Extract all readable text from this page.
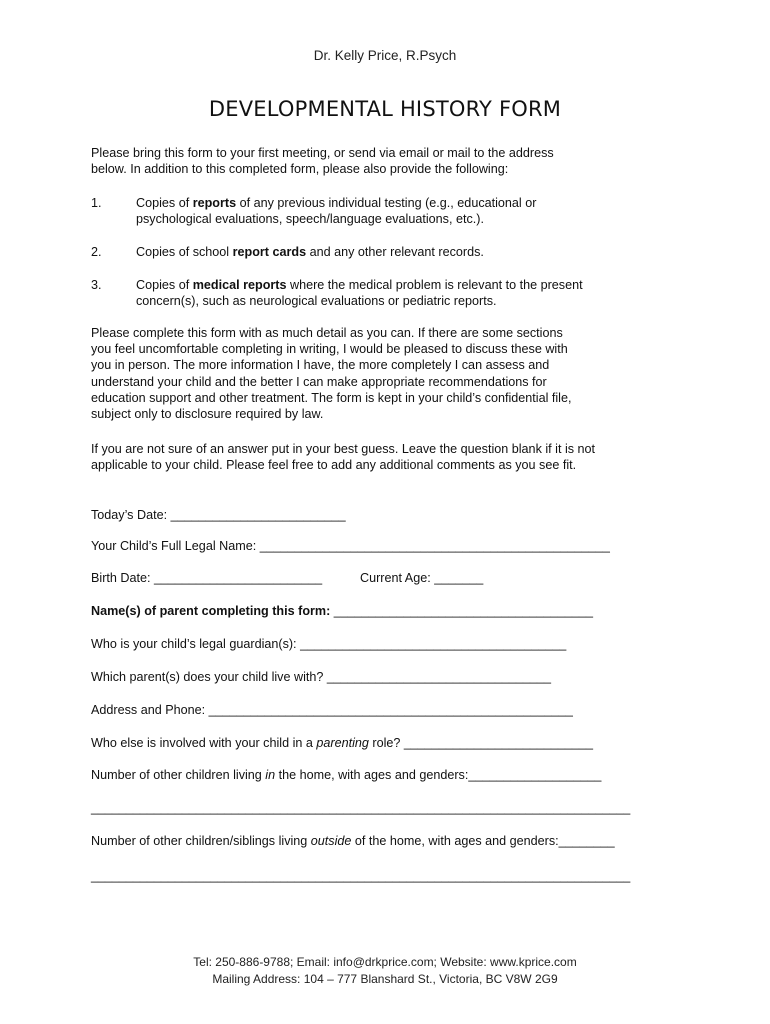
Dr. Kelly Price, R.Psych
DEVELOPMENTAL HISTORY FORM
Please bring this form to your first meeting, or send via email or mail to the address
below. In addition to this completed form, please also provide the following:
1.	Copies of reports of any previous individual testing (e.g., educational or
psychological evaluations, speech/language evaluations, etc.).
2.	Copies of school report cards and any other relevant records.
3.	Copies of medical reports where the medical problem is relevant to the present
concern(s), such as neurological evaluations or pediatric reports.
Please complete this form with as much detail as you can. If there are some sections
you feel uncomfortable completing in writing, I would be pleased to discuss these with
you in person. The more information I have, the more completely I can assess and
understand your child and the better I can make appropriate recommendations for
education support and other treatment. The form is kept in your child’s confidential file,
subject only to disclosure required by law.
If you are not sure of an answer put in your best guess. Leave the question blank if it is not
applicable to your child. Please feel free to add any additional comments as you see fit.
Today’s Date: _________________________
Your Child’s Full Legal Name: __________________________________________________
Birth Date: ________________________	Current Age: _______
Name(s) of parent completing this form: _____________________________________
Who is your child’s legal guardian(s): ______________________________________
Which parent(s) does your child live with? ________________________________
Address and Phone: ____________________________________________________
Who else is involved with your child in a parenting role? ___________________________
Number of other children living in the home, with ages and genders:___________________
_____________________________________________________________________________
Number of other children/siblings living outside of the home, with ages and genders:________
_____________________________________________________________________________
Tel: 250-886-9788; Email: info@drkprice.com; Website: www.kprice.com
Mailing Address: 104 – 777 Blanshard St., Victoria, BC V8W 2G9
